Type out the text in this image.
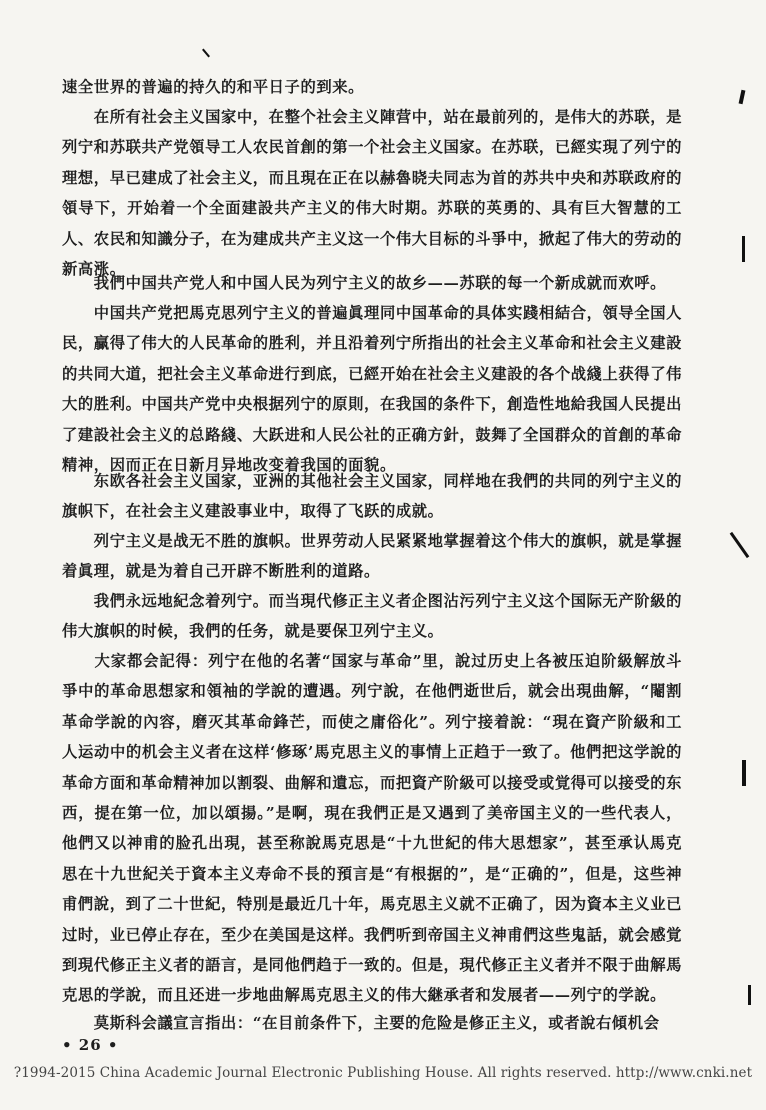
速全世界的普遍的持久的和平日子的到来。

　　在所有社会主义国家中，在整个社会主义陣营中，站在最前列的，是伟大的苏联，是列宁和苏联共产党領导工人农民首創的第一个社会主义国家。在苏联，已經实現了列宁的理想，早已建成了社会主义，而且現在正在以赫魯晓夫同志为首的苏共中央和苏联政府的領导下，开始着一个全面建設共产主义的伟大时期。苏联的英勇的、具有巨大智慧的工人、农民和知識分子，在为建成共产主义这一个伟大目标的斗爭中，掀起了伟大的劳动的新高涨。

　　我們中国共产党人和中国人民为列宁主义的故乡——苏联的每一个新成就而欢呼。

　　中国共产党把馬克思列宁主义的普遍眞理同中国革命的具体实踐相結合，領导全国人民，贏得了伟大的人民革命的胜利，并且沿着列宁所指出的社会主义革命和社会主义建設的共同大道，把社会主义革命进行到底，已經开始在社会主义建設的各个战綫上获得了伟大的胜利。中国共产党中央根据列宁的原則，在我国的条件下，創造性地給我国人民提出了建設社会主义的总路綫、大跃进和人民公社的正确方針，鼓舞了全国群众的首創的革命精神，因而正在日新月异地改变着我国的面貌。

　　东欧各社会主义国家，亚洲的其他社会主义国家，同样地在我們的共同的列宁主义的旗帜下，在社会主义建設事业中，取得了飞跃的成就。

　　列宁主义是战无不胜的旗帜。世界劳动人民紧紧地掌握着这个伟大的旗帜，就是掌握着眞理，就是为着自己开辟不断胜利的道路。

　　我們永远地紀念着列宁。而当現代修正主义者企图沾污列宁主义这个国际无产阶級的伟大旗帜的时候，我們的任务，就是要保卫列宁主义。

　　大家都会記得：列宁在他的名著“国家与革命”里，說过历史上各被压迫阶級解放斗爭中的革命思想家和領袖的学說的遭遇。列宁說，在他們逝世后，就会出現曲解，“閹割革命学說的內容，磨灭其革命鋒芒，而使之庸俗化”。列宁接着說：“現在資产阶級和工人运动中的机会主义者在这样‘修琢’馬克思主义的事情上正趋于一致了。他們把这学說的革命方面和革命精神加以割裂、曲解和遺忘，而把資产阶級可以接受或覚得可以接受的东西，提在第一位，加以頌揚。”是啊，現在我們正是又遇到了美帝国主义的一些代表人，他們又以神甫的脸孔出現，甚至称說馬克思是“十九世紀的伟大思想家”，甚至承认馬克思在十九世紀关于資本主义寿命不長的預言是“有根据的”，是“正确的”，但是，这些神甫們說，到了二十世紀，特別是最近几十年，馬克思主义就不正确了，因为資本主义业已过时，业已停止存在，至少在美国是这样。我們听到帝国主义神甫們这些鬼話，就会感覚到現代修正主义者的語言，是同他們趋于一致的。但是，現代修正主义者并不限于曲解馬克思的学說，而且还进一步地曲解馬克思主义的伟大継承者和发展者——列宁的学說。

　　莫斯科会議宣言指出：“在目前条件下，主要的危险是修正主义，或者說右傾机会

• 26 •
?1994-2015 China Academic Journal Electronic Publishing House. All rights reserved. http://www.cnki.net
